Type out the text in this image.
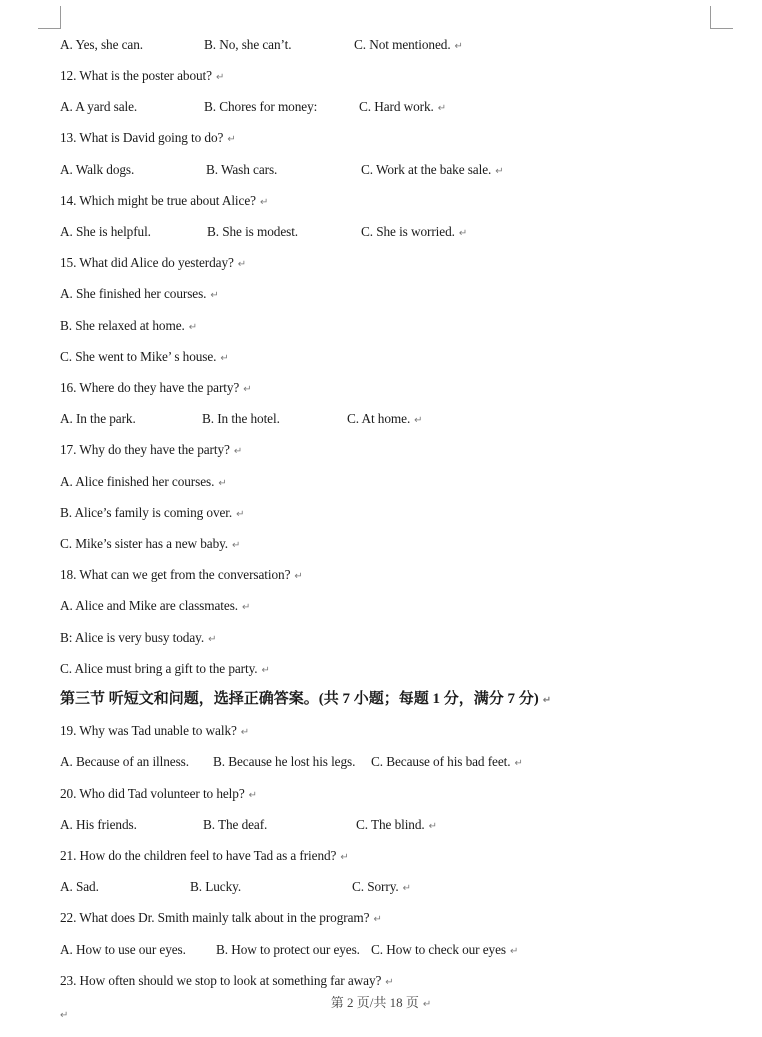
A. Yes, she can.	B. No, she can’t.	C. Not mentioned. ↵
12. What is the poster about? ↵
A. A yard sale.	B. Chores for money:	C. Hard work. ↵
13. What is David going to do? ↵
A. Walk dogs.	B. Wash cars.	C. Work at the bake sale. ↵
14. Which might be true about Alice? ↵
A. She is helpful.	B. She is modest.	C. She is worried. ↵
15. What did Alice do yesterday? ↵
A. She finished her courses. ↵
B. She relaxed at home. ↵
C. She went to Mike’ s house. ↵
16. Where do they have the party? ↵
A. In the park.	B. In the hotel.	C. At home. ↵
17. Why do they have the party? ↵
A. Alice finished her courses. ↵
B. Alice’s family is coming over. ↵
C. Mike’s sister has a new baby. ↵
18. What can we get from the conversation? ↵
A. Alice and Mike are classmates. ↵
B: Alice is very busy today. ↵
C. Alice must bring a gift to the party. ↵
第三节 听短文和问题，选择正确答案。(共 7 小题；每题 1 分，满分 7 分) ↵
19. Why was Tad unable to walk? ↵
A. Because of an illness. B. Because he lost his legs. C. Because of his bad feet. ↵
20. Who did Tad volunteer to help? ↵
A. His friends.	B. The deaf.	C. The blind. ↵
21. How do the children feel to have Tad as a friend? ↵
A. Sad.	B. Lucky.	C. Sorry. ↵
22. What does Dr. Smith mainly talk about in the program? ↵
A. How to use our eyes. B. How to protect our eyes. C. How to check our eyes ↵
23. How often should we stop to look at something far away? ↵
第 2 页/共 18 页 ↵
↵
